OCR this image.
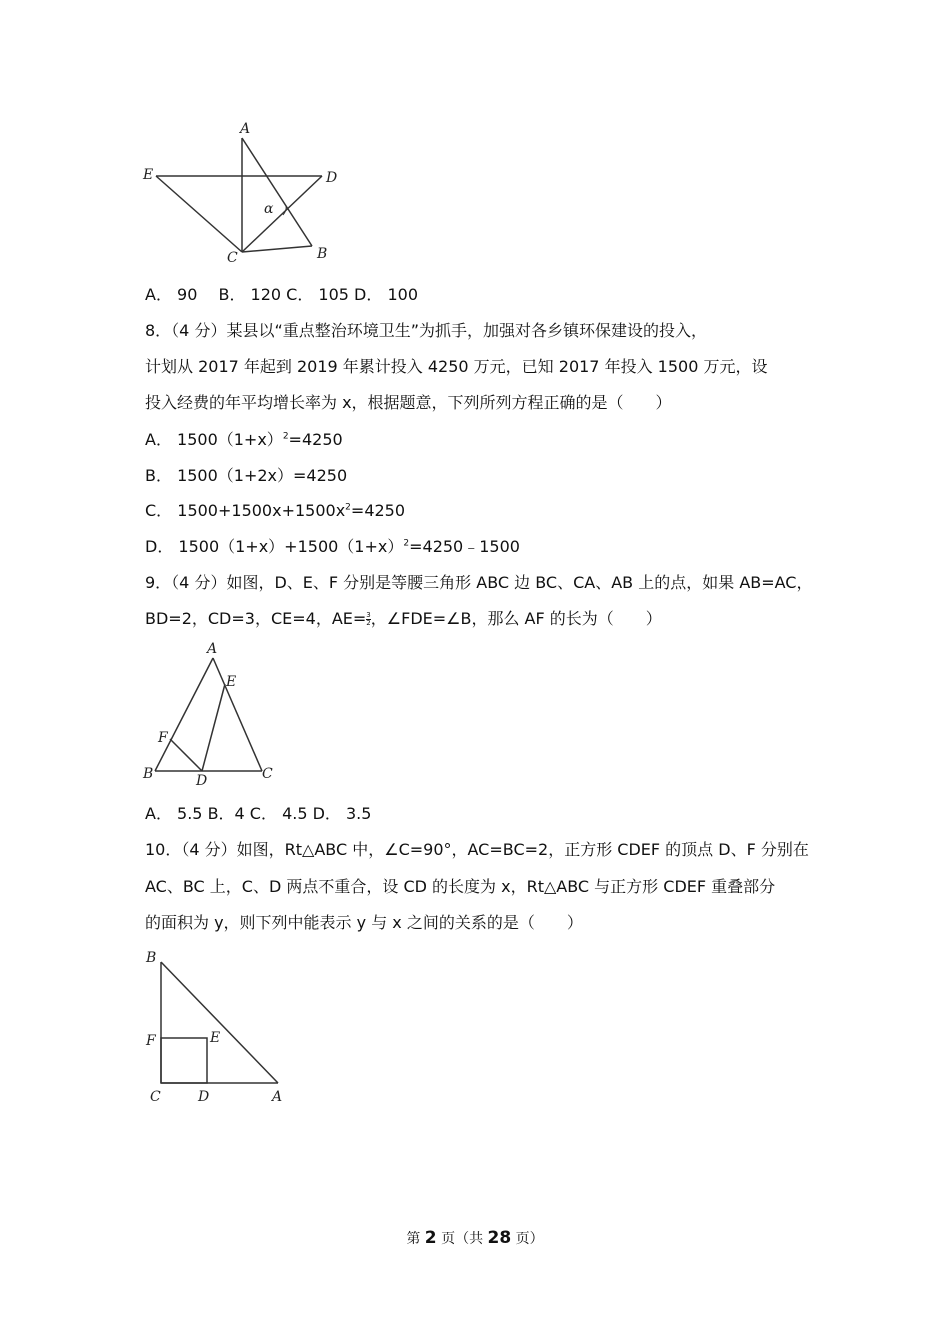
A
E	D
α
C	B
A． 90 　B． 120 C． 105 D． 100
8．（4 分）某县以“重点整治环境卫生”为抓手，加强对各乡镇环保建设的投入，
计划从 2017 年起到 2019 年累计投入 4250 万元，已知 2017 年投入 1500 万元，设
投入经费的年平均增长率为 x，根据题意，下列所列方程正确的是（　　）
A． $1500(1+x)^2=4250$
B． 1500（1+2x）=4250
C． $1500+1500x+1500x^2=4250$
D． $1500(1+x)+1500(1+x)^2=4250﹣1500$
9．（4 分）如图，D、E、F 分别是等腰三角形 ABC 边 BC、CA、AB 上的点，如果 AB=AC，
BD=2，CD=3，CE=4，$AE= \frac{3}{2}$ ，∠FDE=∠B，那么 AF 的长为（　　）
A
E
F
B	D	C
A． 5.5 B．4 C． 4.5 D． 3.5
10．（4 分）如图，Rt△ABC 中，∠C=90°，AC=BC=2，正方形 CDEF 的顶点 D、F 分别在
AC、BC 上，C、D 两点不重合，设 CD 的长度为 x，Rt△ABC 与正方形 CDEF 重叠部分
的面积为 y，则下列中能表示 y 与 x 之间的关系的是（　　）
B
F	E
C	D	A
第 2 页（共 28 页）
